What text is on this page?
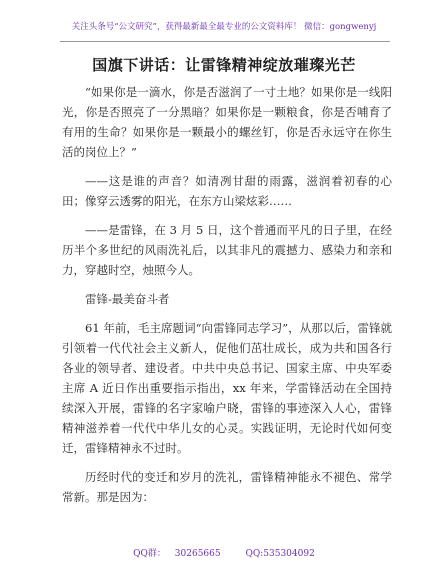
关注头条号“公文研究”，获得最新最全最专业的公文资料库！ 微信：gongwenyj
国旗下讲话：让雷锋精神绽放璀璨光芒

“如果你是一滴水，你是否滋润了一寸土地？如果你是一线阳光，你是否照亮了一分黑暗？如果你是一颗粮食，你是否哺育了有用的生命？如果你是一颗最小的螺丝钉，你是否永远守在你生活的岗位上？”

——这是谁的声音？如清冽甘甜的雨露，滋润着初春的心田；像穿云透雾的阳光，在东方山梁炫彩……

——是雷锋，在 3 月 5 日，这个普通而平凡的日子里，在经历半个多世纪的风雨洗礼后，以其非凡的震撼力、感染力和亲和力，穿越时空，烛照今人。

雷锋-最美奋斗者

61 年前，毛主席题词“向雷锋同志学习”，从那以后，雷锋就引领着一代代社会主义新人，促他们茁壮成长，成为共和国各行各业的领导者、建设者。中共中央总书记、国家主席、中央军委主席 A 近日作出重要指示指出，xx 年来，学雷锋活动在全国持续深入开展，雷锋的名字家喻户晓，雷锋的事迹深入人心，雷锋精神滋养着一代代中华儿女的心灵。实践证明，无论时代如何变迁，雷锋精神永不过时。

历经时代的变迁和岁月的洗礼，雷锋精神能永不褪色、常学常新。那是因为：

QQ群： 30265665	QQ:535304092
